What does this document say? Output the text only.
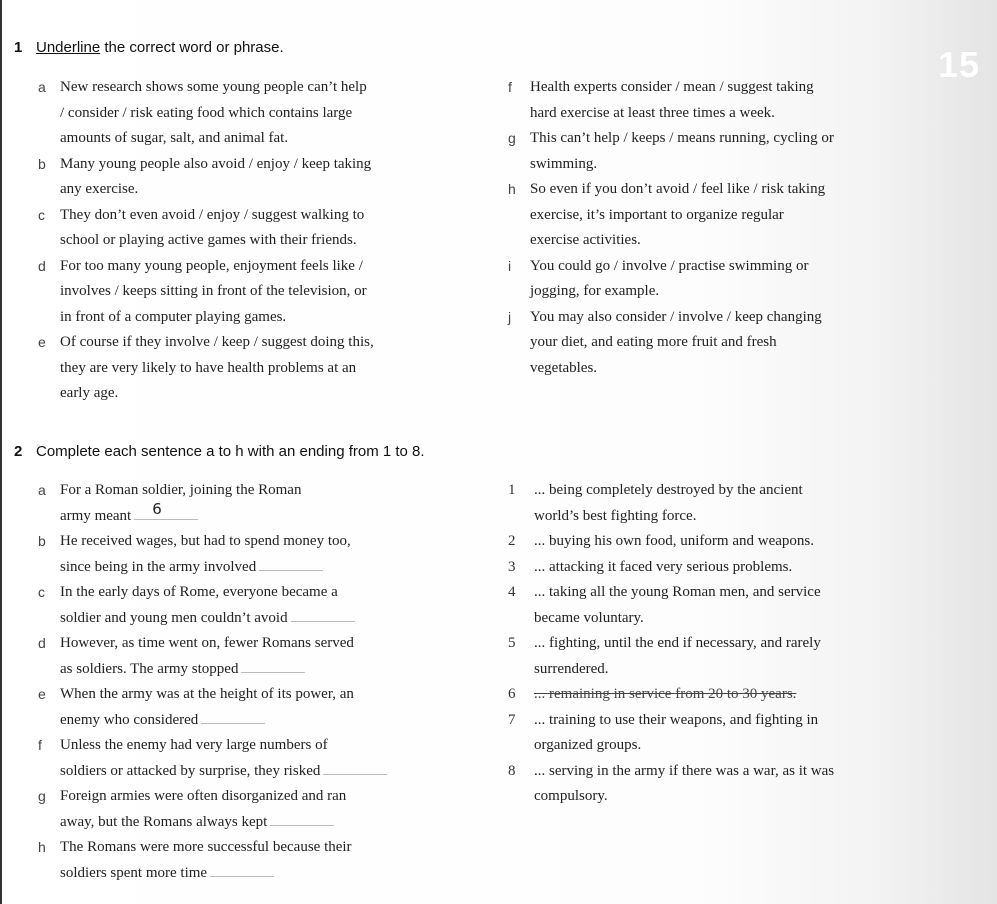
15
1 Underline the correct word or phrase.
a New research shows some young people can’t help
/ consider / risk eating food which contains large
amounts of sugar, salt, and animal fat.
b Many young people also avoid / enjoy / keep taking
any exercise.
c They don’t even avoid / enjoy / suggest walking to
school or playing active games with their friends.
d For too many young people, enjoyment feels like /
involves / keeps sitting in front of the television, or
in front of a computer playing games.
e Of course if they involve / keep / suggest doing this,
they are very likely to have health problems at an
early age.
f Health experts consider / mean / suggest taking
hard exercise at least three times a week.
g This can’t help / keeps / means running, cycling or
swimming.
h So even if you don’t avoid / feel like / risk taking
exercise, it’s important to organize regular
exercise activities.
i You could go / involve / practise swimming or
jogging, for example.
j You may also consider / involve / keep changing
your diet, and eating more fruit and fresh
vegetables.
2 Complete each sentence a to h with an ending from 1 to 8.
a For a Roman soldier, joining the Roman
army meant 6
b He received wages, but had to spend money too,
since being in the army involved
c In the early days of Rome, everyone became a
soldier and young men couldn’t avoid
d However, as time went on, fewer Romans served
as soldiers. The army stopped
e When the army was at the height of its power, an
enemy who considered
f Unless the enemy had very large numbers of
soldiers or attacked by surprise, they risked
g Foreign armies were often disorganized and ran
away, but the Romans always kept
h The Romans were more successful because their
soldiers spent more time
1 ... being completely destroyed by the ancient
world’s best fighting force.
2 ... buying his own food, uniform and weapons.
3 ... attacking it faced very serious problems.
4 ... taking all the young Roman men, and service
became voluntary.
5 ... fighting, until the end if necessary, and rarely
surrendered.
6 ... remaining in service from 20 to 30 years.
7 ... training to use their weapons, and fighting in
organized groups.
8 ... serving in the army if there was a war, as it was
compulsory.
